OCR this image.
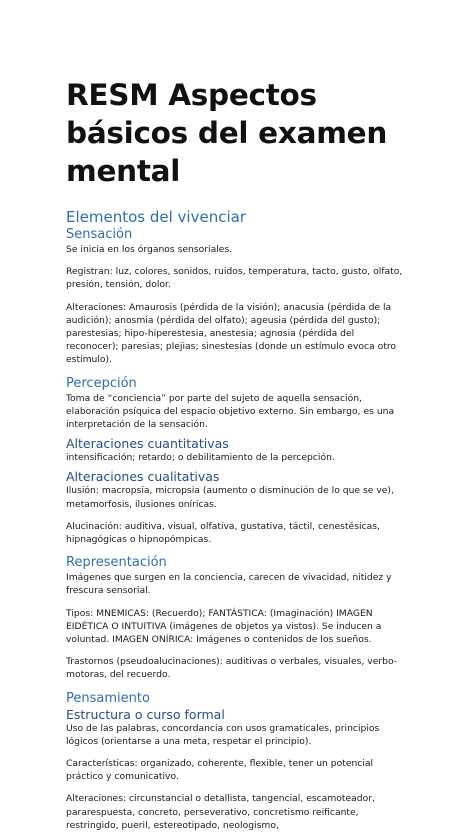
RESM Aspectos básicos del examen mental
Elementos del vivenciar
Sensación

Se inicia en los órganos sensoriales.

Registran: luz, colores, sonidos, ruidos, temperatura, tacto, gusto, olfato, presión, tensión, dolor.

Alteraciones: Amaurosis (pérdida de la visión); anacusia (pérdida de la audición); anosmia (pérdida del olfato); ageusia (pérdida del gusto); parestesias; hipo-hiperestesia, anestesia; agnosia (pérdida del reconocer); paresias; plejias; sinestesias (donde un estímulo evoca otro estímulo).

Percepción

Toma de “conciencia” por parte del sujeto de aquella sensación, elaboración psíquica del espacio objetivo externo. Sin embargo, es una interpretación de la sensación.

Alteraciones cuantitativas

intensificación; retardo; o debilitamiento de la percepción.

Alteraciones cualitativas

Ilusión: macropsia, micropsia (aumento o disminución de lo que se ve), metamorfosis, ilusiones oníricas.

Alucinación: auditiva, visual, olfativa, gustativa, táctil, cenestésicas, hipnagógicas o hipnopómpicas.

Representación

Imágenes que surgen en la conciencia, carecen de vivacidad, nitidez y frescura sensorial.

Tipos: MNEMICAS: (Recuerdo); FANTÁSTICA: (Imaginación) IMAGEN EIDÉTICA O INTUITIVA (imágenes de objetos ya vistos). Se inducen a voluntad. IMAGEN ONÍRICA: Imágenes o contenidos de los sueños.

Trastornos (pseudoalucinaciones): auditivas o verbales, visuales, verbo-motoras, del recuerdo.

Pensamiento
Estructura o curso formal

Uso de las palabras, concordancia con usos gramaticales, principios lógicos (orientarse a una meta, respetar el principio).

Características: organizado, coherente, flexible, tener un potencial práctico y comunicativo.

Alteraciones: circunstancial o detallista, tangencial, escamoteador, pararespuesta, concreto, perseverativo, concretismo reificante, restringido, pueril, estereotipado, neologismo,
